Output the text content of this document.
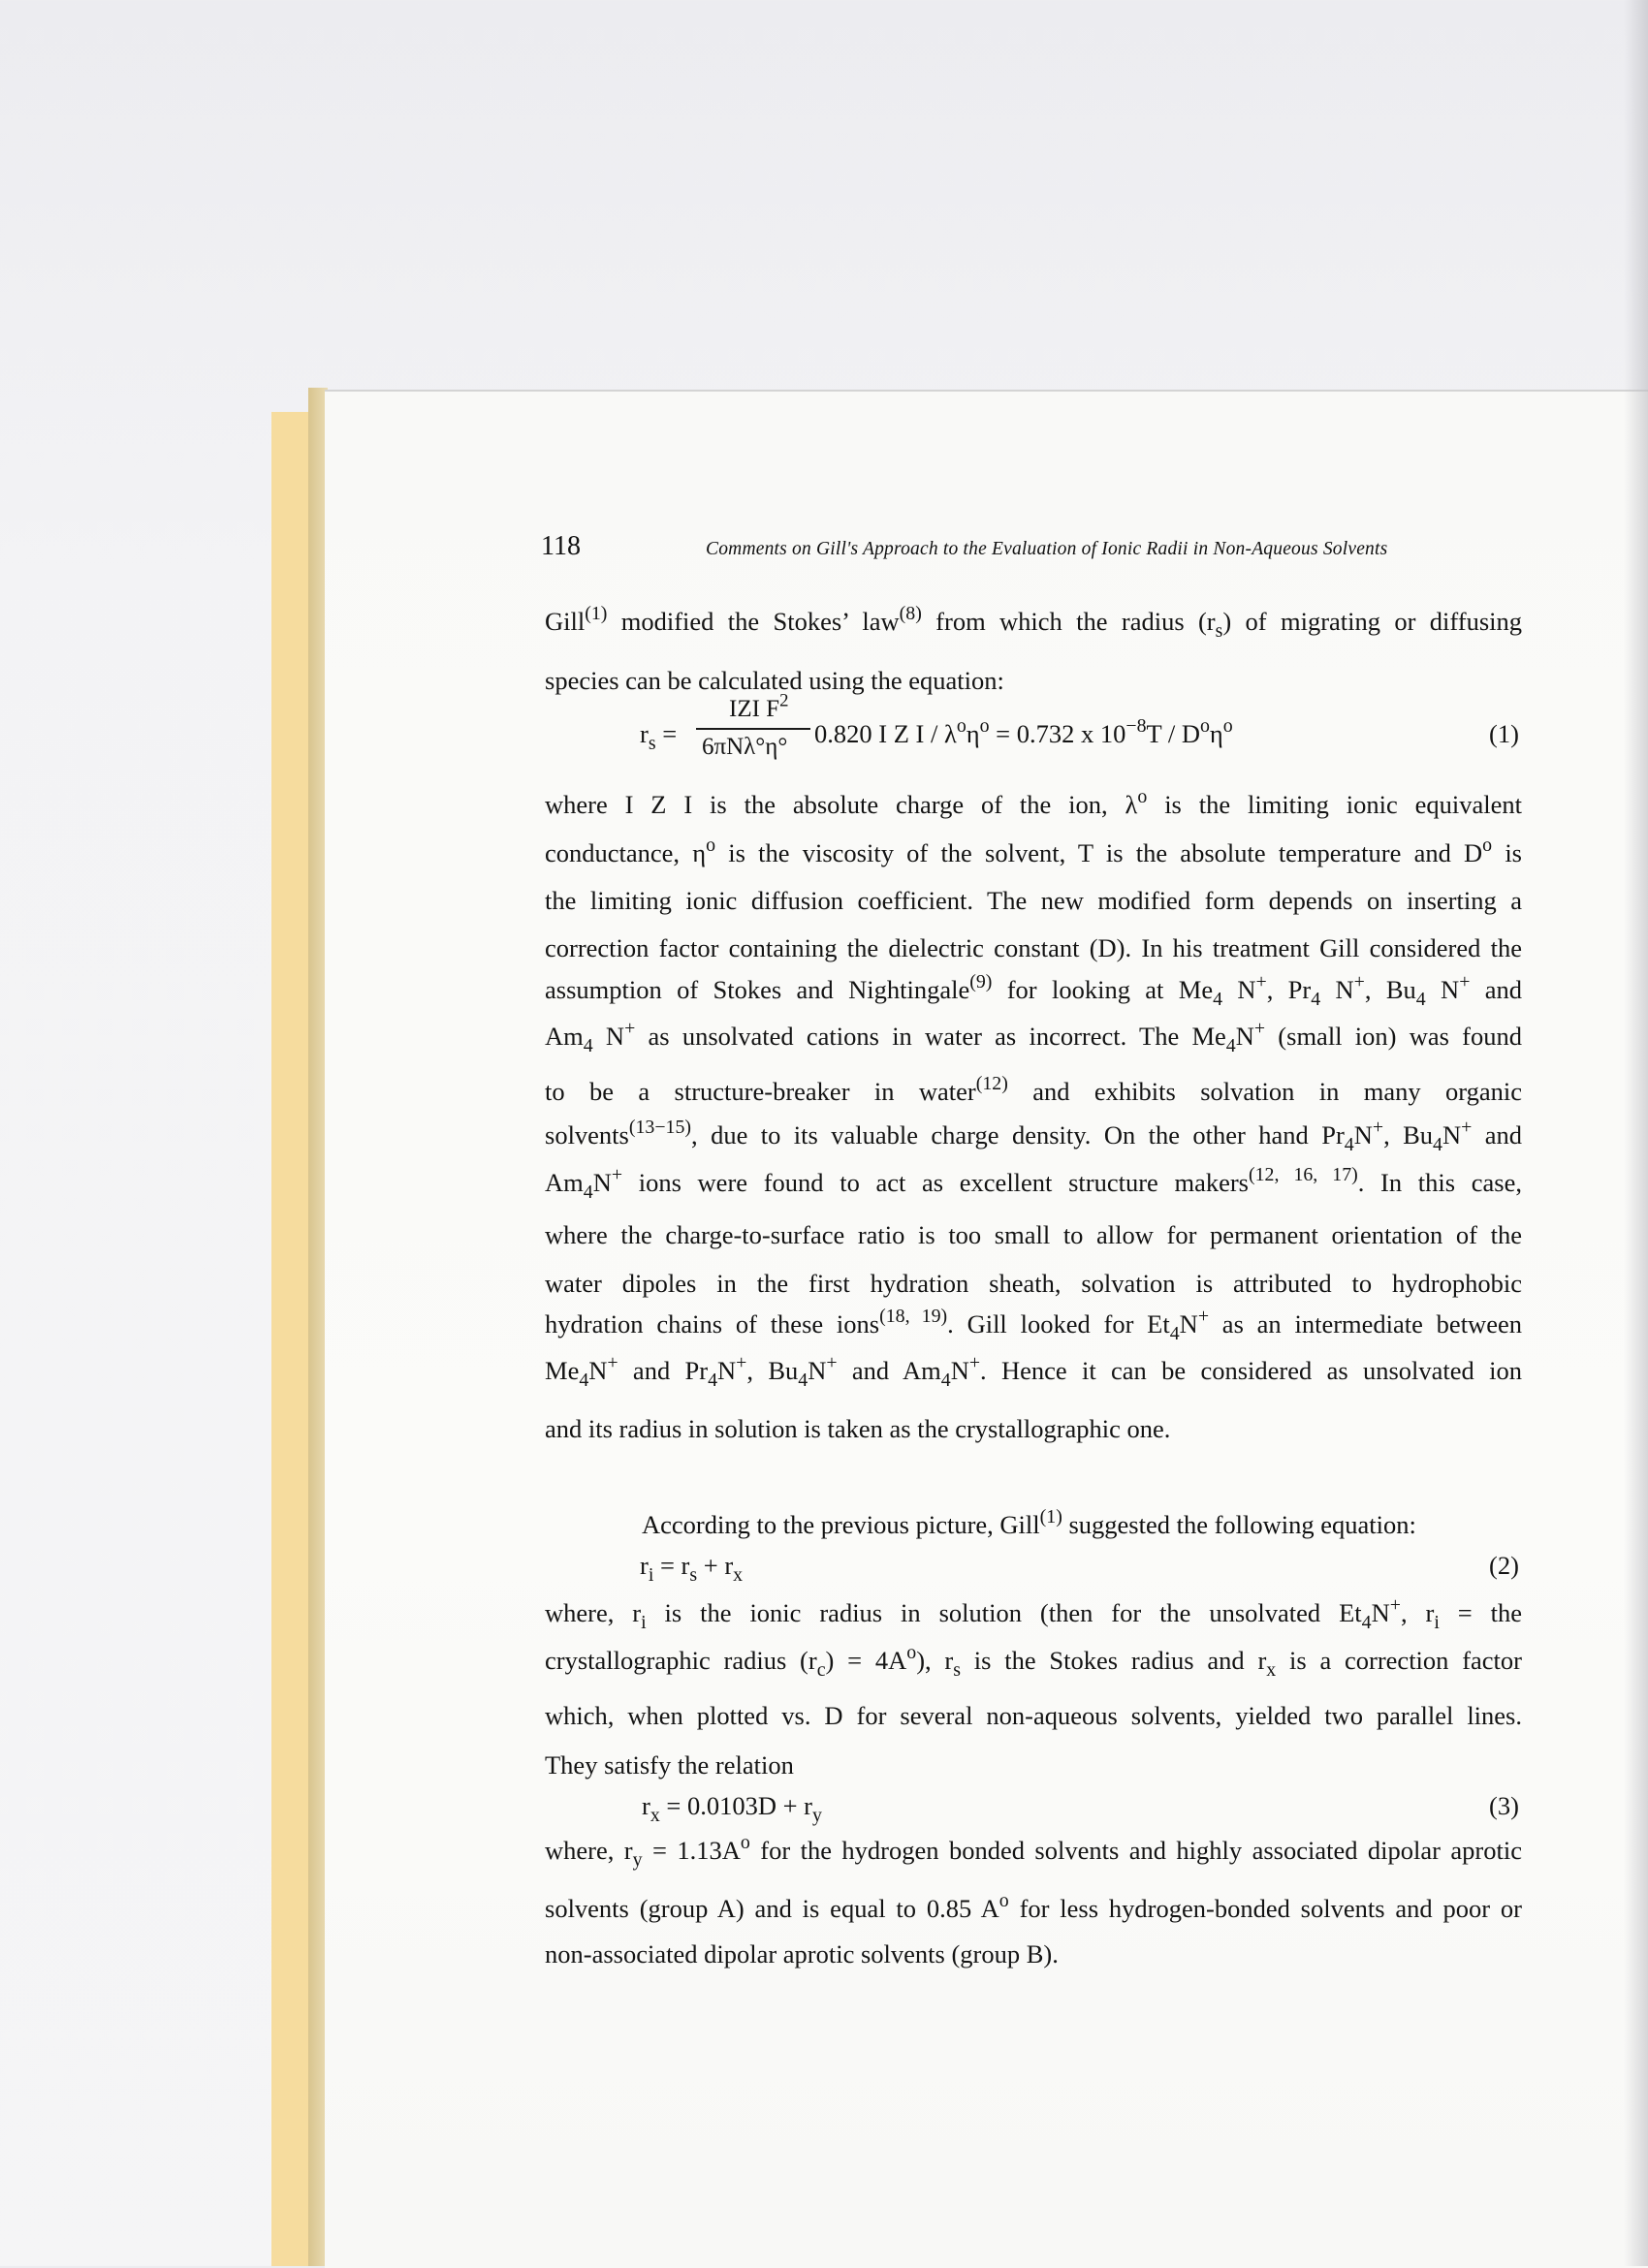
118	Comments on Gill's Approach to the Evaluation of Ionic Radii in Non-Aqueous Solvents
Gill$^{(1)}$ modified the Stokes’ law$^{(8)}$ from which the radius $(r_s)$ of migrating or diffusing
species can be calculated using the equation:
$r_s$ =
IZI $F^2$
6πNλ°η° 0.820 I Z $I / \lambda^o\eta^o = 0.732$ x $10^{-8}T / D^o\eta^o$	(1)
where I Z I is the absolute charge of the ion, $\lambda^o$ is the limiting ionic equivalent
conductance, $\eta^o$ is the viscosity of the solvent, T is the absolute temperature and $D^o$ is
the limiting ionic diffusion coefficient. The new modified form depends on inserting a
correction factor containing the dielectric constant (D). In his treatment Gill considered the
assumption of Stokes and Nightingale$^{(9)}$ for looking at $Me_4$ N+, $Pr_4$ N+, $Bu_4$ N+ and
$Am_4$ N+ as unsolvated cations in water as incorrect. The $Me_4N^+$ (small ion) was found
to be a structure-breaker in water$^{(12)}$ and exhibits solvation in many organic
solvents$^{(13-15)}$, due to its valuable charge density. On the other hand $Pr_4N^+$, $Bu_4N^+$ and
$Am_4N^+$ ions were found to act as excellent structure makers$^{(12, 16, 17)}$. In this case,
where the charge-to-surface ratio is too small to allow for permanent orientation of the
water dipoles in the first hydration sheath, solvation is attributed to hydrophobic
hydration chains of these ions$^{(18, 19)}$. Gill looked for $Et_4N^+$ as an intermediate between
$Me_4N^+$ and $Pr_4N^+$, $Bu_4N^+$ and $Am_4N^+$. Hence it can be considered as unsolvated ion
and its radius in solution is taken as the crystallographic one.
According to the previous picture, Gill$^{(1)}$ suggested the following equation:
$r_i = r_s + r_x$	(2)
where, $r_i$ is the ionic radius in solution (then for the unsolvated $Et_4N^+$, $r_i$ = the
crystallographic radius $(r_c) = 4A^o$), $r_s$ is the Stokes radius and $r_x$ is a correction factor
which, when plotted vs. D for several non-aqueous solvents, yielded two parallel lines.
They satisfy the relation
$r_x = 0.0103D + r_y$	(3)
where, $r_y = 1.13A^o$ for the hydrogen bonded solvents and highly associated dipolar aprotic
solvents (group A) and is equal to 0.85 $A^o$ for less hydrogen-bonded solvents and poor or
non-associated dipolar aprotic solvents (group B).
